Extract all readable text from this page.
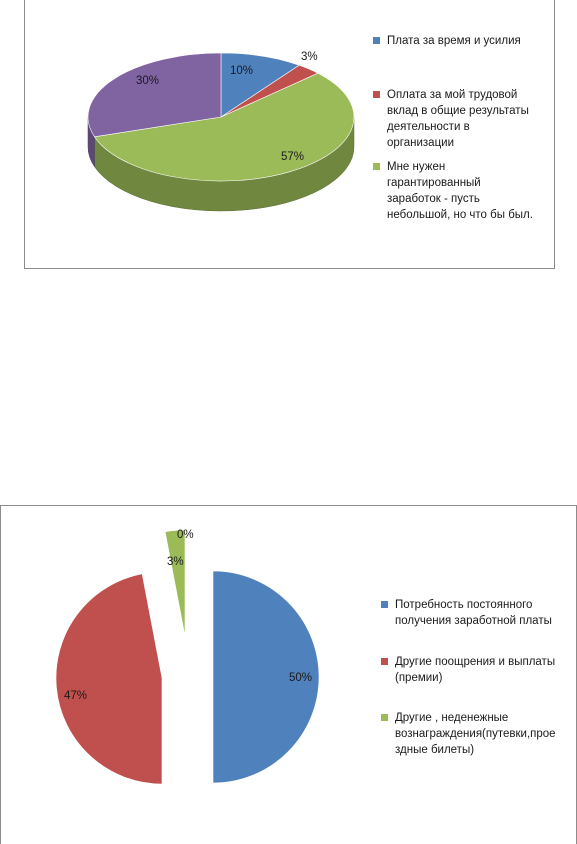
10%
3%
57%
30%
Плата за время и усилия
Оплата за мой трудовой
вклад в общие результаты
деятельности в
организации
Мне нужен
гарантированный
заработок - пусть
небольшой, но что бы был.
50%
47%
3%
0%
Потребность постоянного
получения заработной платы
Другие поощрения и выплаты
(премии)
Другие , неденежные
вознаграждения(путевки,прое
здные билеты)
